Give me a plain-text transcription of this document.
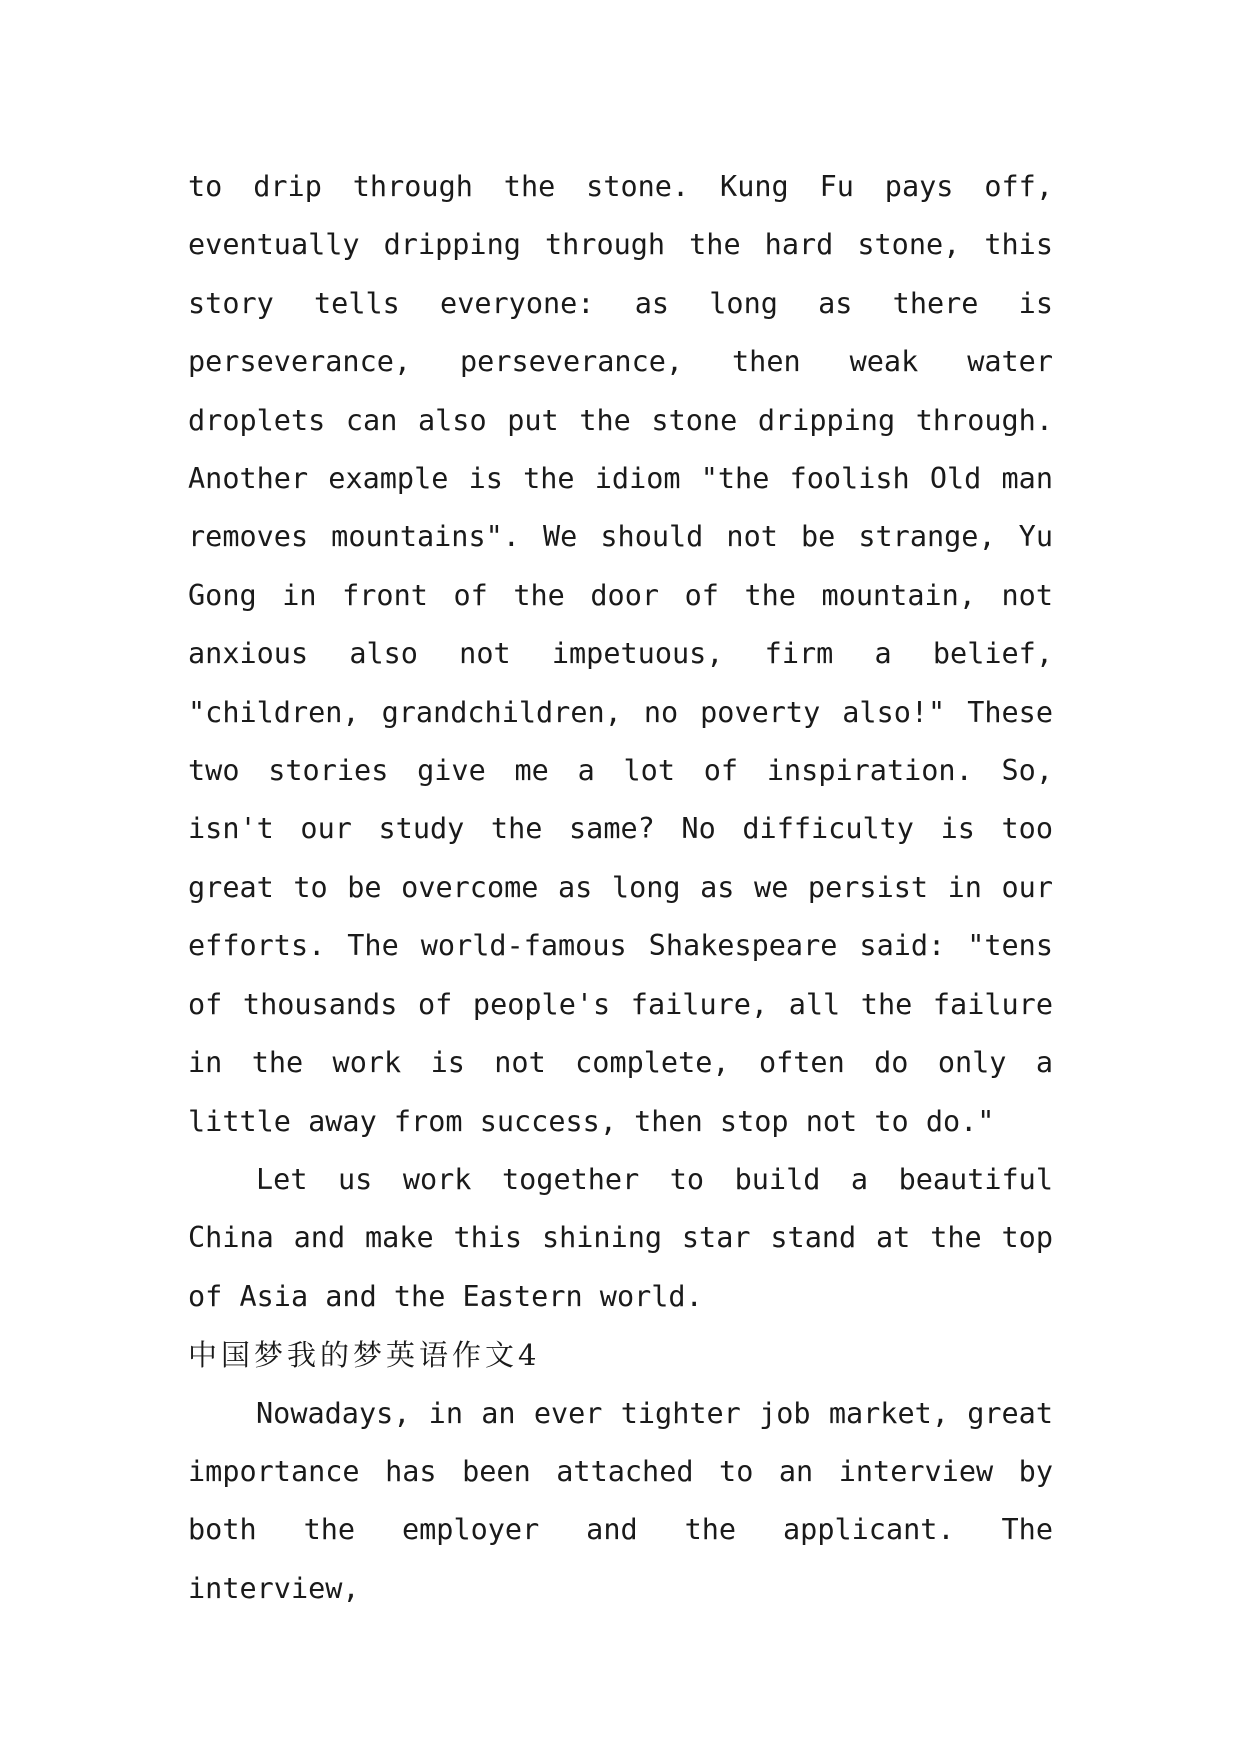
to drip through the stone. Kung Fu pays off, eventually dripping through the hard stone, this story tells everyone: as long as there is perseverance, perseverance, then weak water droplets can also put the stone dripping through. Another example is the idiom "the foolish Old man removes mountains". We should not be strange, Yu Gong in front of the door of the mountain, not anxious also not impetuous, firm a belief, "children, grandchildren, no poverty also!" These two stories give me a lot of inspiration. So, isn't our study the same? No difficulty is too great to be overcome as long as we persist in our efforts. The world-famous Shakespeare said: "tens of thousands of people's failure, all the failure in the work is not complete, often do only a little away from success, then stop not to do."

Let us work together to build a beautiful China and make this shining star stand at the top of Asia and the Eastern world.

中国梦我的梦英语作文4

Nowadays, in an ever tighter job market, great importance has been attached to an interview by both the employer and the applicant. The interview,
